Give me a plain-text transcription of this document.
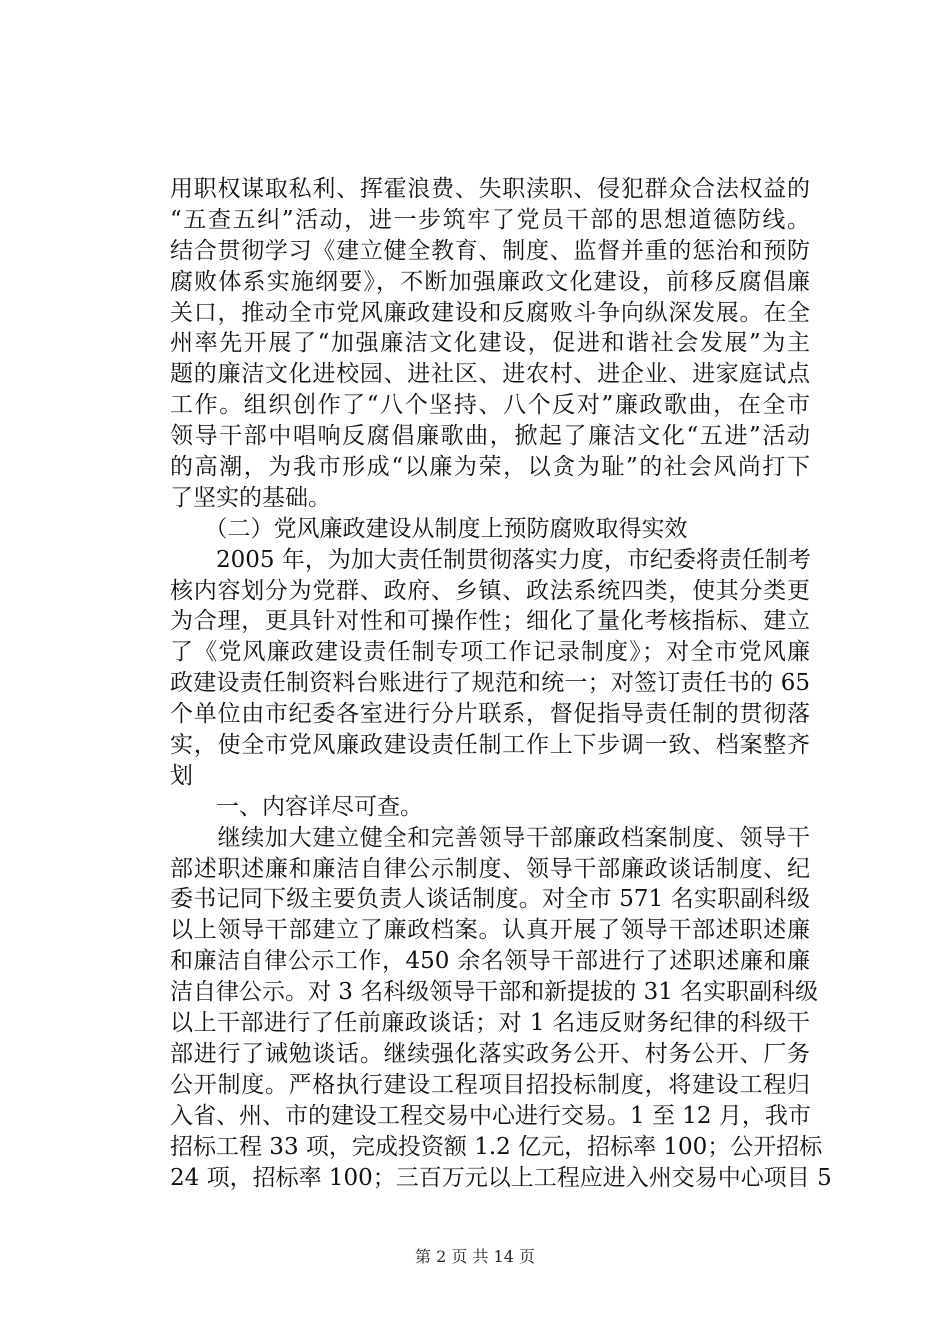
用职权谋取私利、挥霍浪费、失职渎职、侵犯群众合法权益的
“五查五纠”活动，进一步筑牢了党员干部的思想道德防线。
结合贯彻学习《建立健全教育、制度、监督并重的惩治和预防
腐败体系实施纲要》，不断加强廉政文化建设，前移反腐倡廉
关口，推动全市党风廉政建设和反腐败斗争向纵深发展。在全
州率先开展了“加强廉洁文化建设，促进和谐社会发展”为主
题的廉洁文化进校园、进社区、进农村、进企业、进家庭试点
工作。组织创作了“八个坚持、八个反对”廉政歌曲，在全市
领导干部中唱响反腐倡廉歌曲，掀起了廉洁文化“五进”活动
的高潮，为我市形成“以廉为荣，以贪为耻”的社会风尚打下
了坚实的基础。
　　（二）党风廉政建设从制度上预防腐败取得实效
　　2005 年，为加大责任制贯彻落实力度，市纪委将责任制考
核内容划分为党群、政府、乡镇、政法系统四类，使其分类更
为合理，更具针对性和可操作性；细化了量化考核指标、建立
了《党风廉政建设责任制专项工作记录制度》；对全市党风廉
政建设责任制资料台账进行了规范和统一；对签订责任书的 65
个单位由市纪委各室进行分片联系，督促指导责任制的贯彻落
实，使全市党风廉政建设责任制工作上下步调一致、档案整齐
划
　　一、内容详尽可查。
　　继续加大建立健全和完善领导干部廉政档案制度、领导干
部述职述廉和廉洁自律公示制度、领导干部廉政谈话制度、纪
委书记同下级主要负责人谈话制度。对全市 571 名实职副科级
以上领导干部建立了廉政档案。认真开展了领导干部述职述廉
和廉洁自律公示工作，450 余名领导干部进行了述职述廉和廉
洁自律公示。对 3 名科级领导干部和新提拔的 31 名实职副科级
以上干部进行了任前廉政谈话；对 1 名违反财务纪律的科级干
部进行了诫勉谈话。继续强化落实政务公开、村务公开、厂务
公开制度。严格执行建设工程项目招投标制度，将建设工程归
入省、州、市的建设工程交易中心进行交易。1 至 12 月，我市
招标工程 33 项，完成投资额 1.2 亿元，招标率 100；公开招标
24 项，招标率 100；三百万元以上工程应进入州交易中心项目 5
第 2 页 共 14 页
